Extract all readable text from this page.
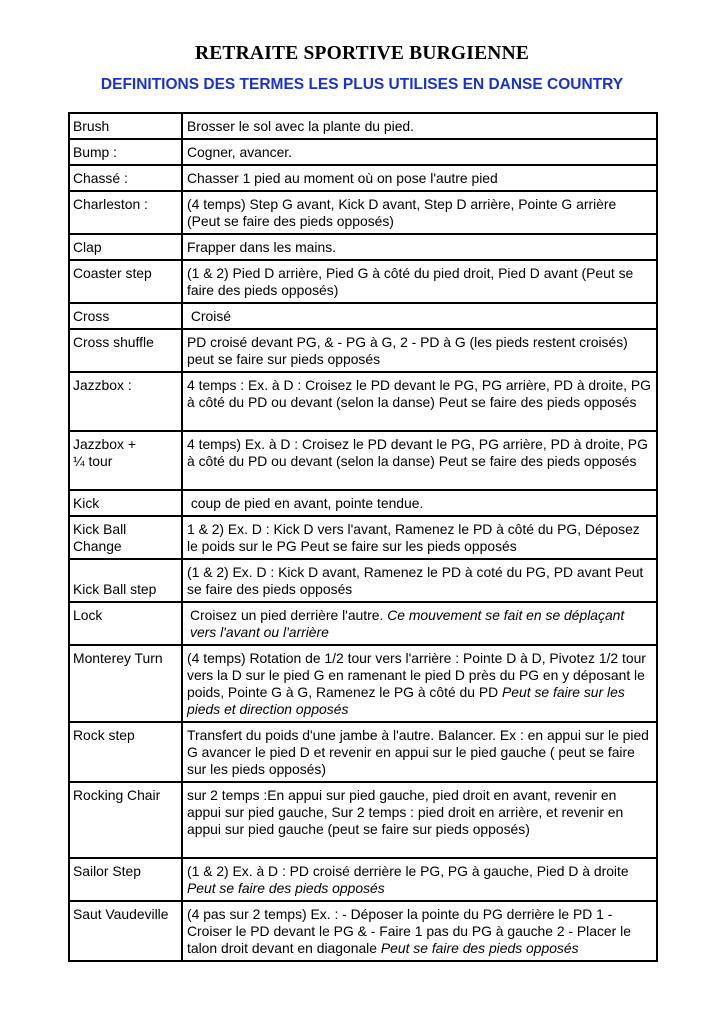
RETRAITE SPORTIVE BURGIENNE
DEFINITIONS DES TERMES LES PLUS UTILISES EN DANSE COUNTRY
Brush	Brosser le sol avec la plante du pied.
Bump :	Cogner, avancer.
Chassé :	Chasser 1 pied au moment où on pose l'autre pied
Charleston :	(4 temps) Step G avant, Kick D avant, Step D arrière, Pointe G arrière (Peut se faire des pieds opposés)
Clap	Frapper dans les mains.
Coaster step	(1 & 2) Pied D arrière, Pied G à côté du pied droit, Pied D avant (Peut se faire des pieds opposés)
Cross	Croisé
Cross shuffle	PD croisé devant PG, & - PG à G, 2 - PD à G (les pieds restent croisés) peut se faire sur pieds opposés
Jazzbox :	4 temps : Ex. à D : Croisez le PD devant le PG, PG arrière, PD à droite, PG à côté du PD ou devant (selon la danse) Peut se faire des pieds opposés
Jazzbox + ¼ tour	4 temps) Ex. à D : Croisez le PD devant le PG, PG arrière, PD à droite, PG à côté du PD ou devant (selon la danse) Peut se faire des pieds opposés
Kick	coup de pied en avant, pointe tendue.
Kick Ball Change	1 & 2) Ex. D : Kick D vers l'avant, Ramenez le PD à côté du PG, Déposez le poids sur le PG Peut se faire sur les pieds opposés
Kick Ball step	(1 & 2) Ex. D : Kick D avant, Ramenez le PD à coté du PG, PD avant Peut se faire des pieds opposés
Lock	Croisez un pied derrière l'autre. Ce mouvement se fait en se déplaçant vers l'avant ou l'arrière
Monterey Turn	(4 temps) Rotation de 1/2 tour vers l'arrière : Pointe D à D, Pivotez 1/2 tour vers la D sur le pied G en ramenant le pied D près du PG en y déposant le poids, Pointe G à G, Ramenez le PG à côté du PD Peut se faire sur les pieds et direction opposés
Rock step	Transfert du poids d'une jambe à l'autre. Balancer. Ex : en appui sur le pied G avancer le pied D et revenir en appui sur le pied gauche ( peut se faire sur les pieds opposés)
Rocking Chair	sur 2 temps :En appui sur pied gauche, pied droit en avant, revenir en appui sur pied gauche, Sur 2 temps : pied droit en arrière, et revenir en appui sur pied gauche (peut se faire sur pieds opposés)
Sailor Step	(1 & 2) Ex. à D : PD croisé derrière le PG, PG à gauche, Pied D à droite Peut se faire des pieds opposés
Saut Vaudeville	(4 pas sur 2 temps) Ex. : - Déposer la pointe du PG derrière le PD 1 - Croiser le PD devant le PG & - Faire 1 pas du PG à gauche 2 - Placer le talon droit devant en diagonale Peut se faire des pieds opposés
